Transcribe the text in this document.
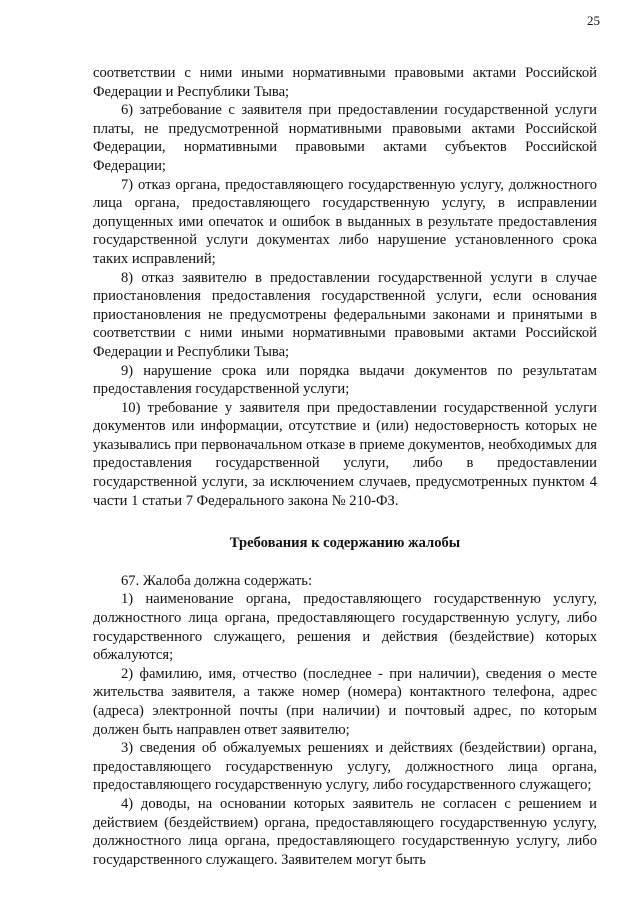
25

соответствии с ними иными нормативными правовыми актами Российской Федерации и Республики Тыва;

6) затребование с заявителя при предоставлении государственной услуги платы, не предусмотренной нормативными правовыми актами Российской Федерации, нормативными правовыми актами субъектов Российской Федерации;

7) отказ органа, предоставляющего государственную услугу, должностного лица органа, предоставляющего государственную услугу, в исправлении допущенных ими опечаток и ошибок в выданных в результате предоставления государственной услуги документах либо нарушение установленного срока таких исправлений;

8) отказ заявителю в предоставлении государственной услуги в случае приостановления предоставления государственной услуги, если основания приостановления не предусмотрены федеральными законами и принятыми в соответствии с ними иными нормативными правовыми актами Российской Федерации и Республики Тыва;

9) нарушение срока или порядка выдачи документов по результатам предоставления государственной услуги;

10) требование у заявителя при предоставлении государственной услуги документов или информации, отсутствие и (или) недостоверность которых не указывались при первоначальном отказе в приеме документов, необходимых для предоставления государственной услуги, либо в предоставлении государственной услуги, за исключением случаев, предусмотренных пунктом 4 части 1 статьи 7 Федерального закона № 210-ФЗ.

Требования к содержанию жалобы

67. Жалоба должна содержать:

1) наименование органа, предоставляющего государственную услугу, должностного лица органа, предоставляющего государственную услугу, либо государственного служащего, решения и действия (бездействие) которых обжалуются;

2) фамилию, имя, отчество (последнее - при наличии), сведения о месте жительства заявителя, а также номер (номера) контактного телефона, адрес (адреса) электронной почты (при наличии) и почтовый адрес, по которым должен быть направлен ответ заявителю;

3) сведения об обжалуемых решениях и действиях (бездействии) органа, предоставляющего государственную услугу, должностного лица органа, предоставляющего государственную услугу, либо государственного служащего;

4) доводы, на основании которых заявитель не согласен с решением и действием (бездействием) органа, предоставляющего государственную услугу, должностного лица органа, предоставляющего государственную услугу, либо государственного служащего. Заявителем могут быть
